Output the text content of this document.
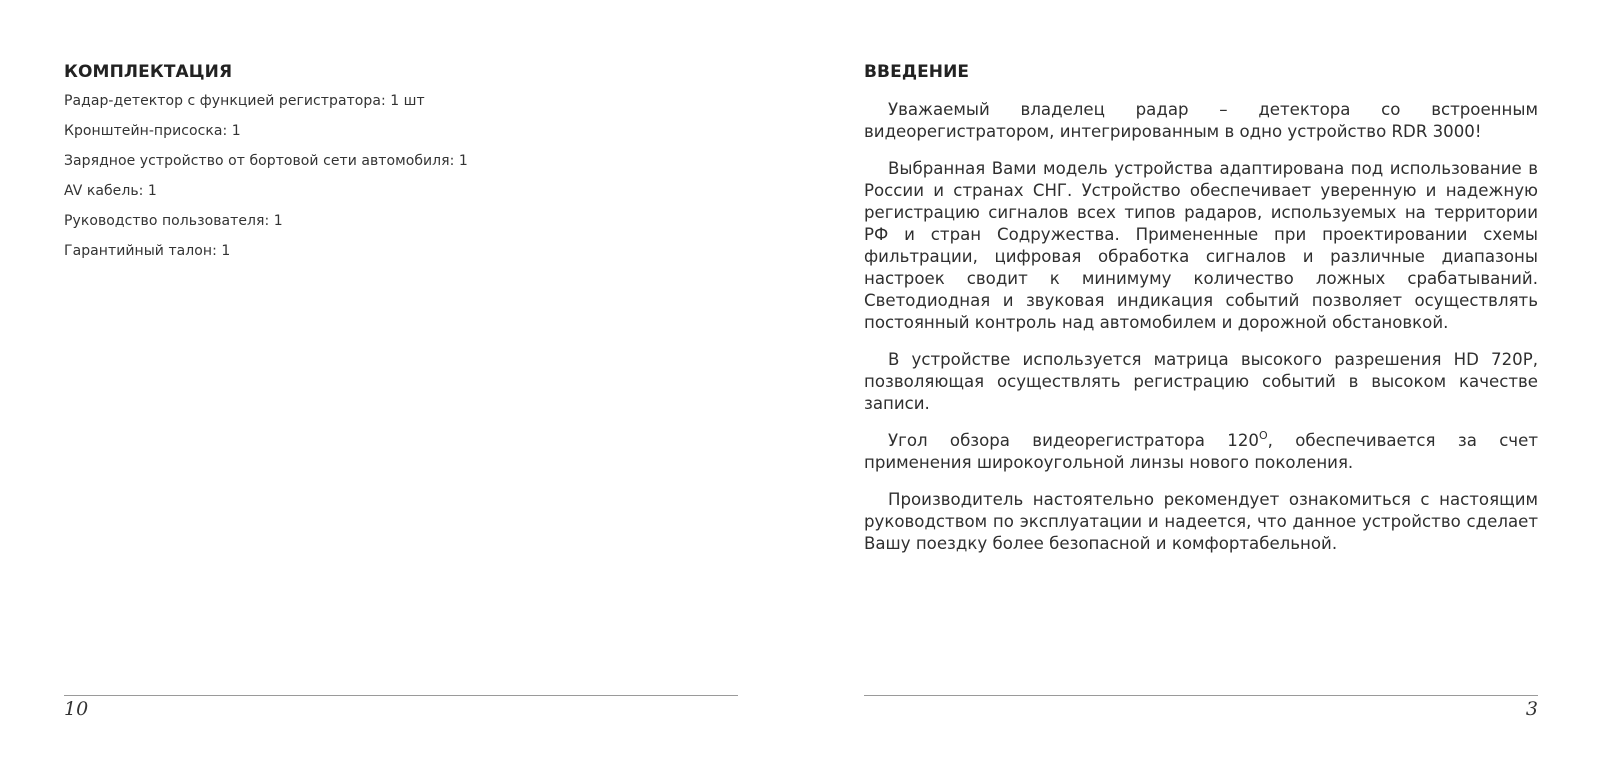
КОМПЛЕКТАЦИЯ
Радар-детектор с функцией регистратора: 1 шт
Кронштейн-присоска: 1
Зарядное устройство от бортовой сети автомобиля: 1
AV кабель: 1
Руководство пользователя: 1
Гарантийный талон: 1
10
ВВЕДЕНИЕ

Уважаемый владелец радар – детектора со встроенным видеорегистратором, интегрированным в одно устройство RDR 3000!

Выбранная Вами модель устройства адаптирована под использование в России и странах СНГ. Устройство обеспечивает уверенную и надежную регистрацию сигналов всех типов радаров, используемых на территории РФ и стран Содружества. Примененные при проектировании схемы фильтрации, цифровая обработка сигналов и различные диапазоны настроек сводит к минимуму количество ложных срабатываний. Светодиодная и звуковая индикация событий позволяет осуществлять постоянный контроль над автомобилем и дорожной обстановкой.

В устройстве используется матрица высокого разрешения HD 720P, позволяющая осуществлять регистрацию событий в высоком качестве записи.

Угол обзора видеорегистратора $120^О$, обеспечивается за счет применения широкоугольной линзы нового поколения.

Производитель настоятельно рекомендует ознакомиться с настоящим руководством по эксплуатации и надеется, что данное устройство сделает Вашу поездку более безопасной и комфортабельной.

3
